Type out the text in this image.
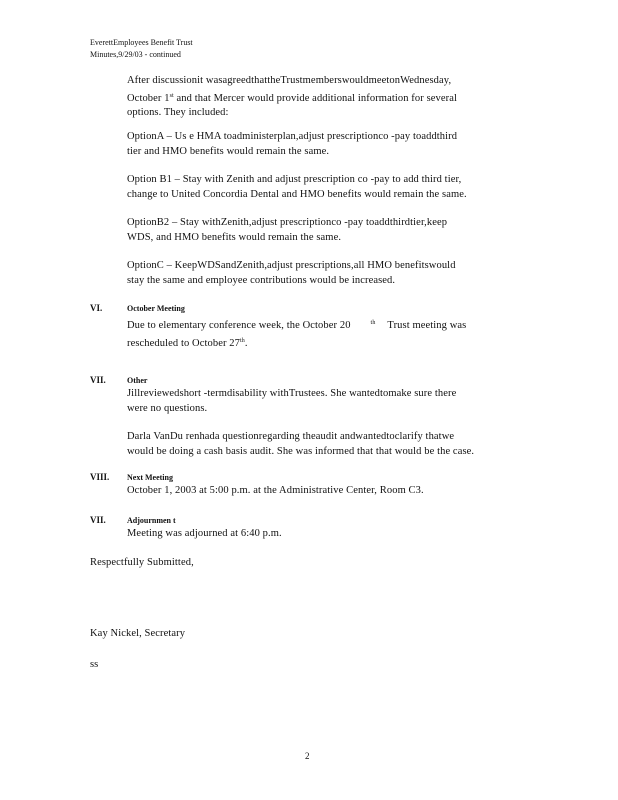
EverettEmployees Benefit Trust
Minutes,9/29/03 - continued
After discussionit wasagreedthattheTrustmemberswouldmeetonWednesday,
October 1st and that Mercer would provide additional information for several
options. They included:
OptionA – Us e HMA toadministerplan,adjust prescriptionco -pay toaddthird
tier and HMO benefits would remain the same.
Option B1 – Stay with Zenith and adjust prescription co -pay to add third tier,
change to United Concordia Dental and HMO benefits would remain the same.
OptionB2 – Stay withZenith,adjust prescriptionco -pay toaddthirdtier,keep
WDS, and HMO benefits would remain the same.
OptionC – KeepWDSandZenith,adjust prescriptions,all HMO benefitswould
stay the same and employee contributions would be increased.
VI.	October Meeting
Due to elementary conference week, the October 20	$^{th}$ Trust meeting was
rescheduled to October 27th.
VII.	Other
Jillreviewedshort -termdisability withTrustees. She wantedtomake sure there
were no questions.
Darla VanDu renhada questionregarding theaudit andwantedtoclarify thatwe
would be doing a cash basis audit. She was informed that that would be the case.
VIII. Next Meeting
October 1, 2003 at 5:00 p.m. at the Administrative Center, Room C3.
VII.	Adjournmen t
Meeting was adjourned at 6:40 p.m.
Respectfully Submitted,
Kay Nickel, Secretary
ss
2
